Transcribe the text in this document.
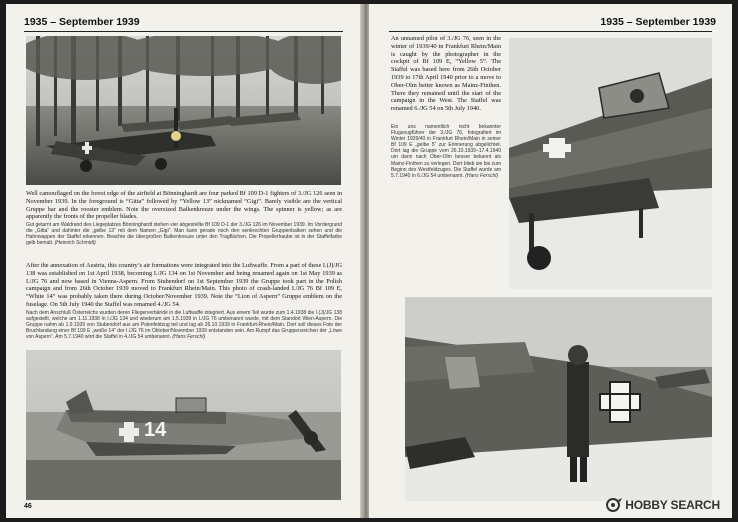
1935 – September 1939

Well camouflaged on the forest edge of the airfield at Bönninghardt are four parked Bf 109 D-1 fighters of 3./JG 126 seen in November 1939. In the foreground is “Gitta” followed by “Yellow 13” nicknamed “Gigi”. Barely visible are the vertical Gruppe bar and the rooster emblem. Note the oversized Balkenkreuze under the wings. The spinner is yellow; as are apparently the fronts of the propeller blades.

Gut getarnt am Waldrand des Liegeplatzes Bönninghardt stehen vier abgestellte Bf 109 D-1 der 3./JG 126 im November 1939. Im Vordergrund die „Gitta“ und dahinter die „gelbe 13“ mit dem Namen „Gigi“. Man kann gerade noch den senkrechten Gruppenbalken sehen und die Hahnwappen der Staffel erkennen. Beachte die übergroßen Balkenkreuze unter den Tragflächen. Die Propellerhaube ist in der Staffelfarbe gelb bemalt. (Heinrich Schmidt)

After the annexation of Austria, this country’s air formations were integrated into the Luftwaffe. From a part of these I.(J)/JG 138 was established on 1st April 1938, becoming I./JG 134 on 1st November and being renamed again on 1st May 1939 as I./JG 76 and now based in Vienna-Aspern. From Stubendorf on 1st September 1939 the Gruppe took part in the Polish campaign and from 26th October 1939 moved to Frankfurt Rhein/Main. This photo of crash-landed I./JG 76 Bf 109 E, “White 14” was probably taken there during October/November 1939. Note the “Lion of Aspern” Gruppe emblem on the fuselage. On 5th July 1940 the Staffel was renamed 4./JG 54.

Nach dem Anschluß Österreichs wurden deren Fliegerverbände in die Luftwaffe integriert. Aus einem Teil wurde zum 1.4.1938 die I.(J)/JG 138 aufgestellt, welche am 1.11.1938 in I./JG 134 und wiederum am 1.5.1939 in I./JG 76 umbenannt wurde, mit dem Standort Wien-Aspern. Die Gruppe nahm ab 1.9.1939 von Stubendorf aus am Polenfeldzug teil und lag ab 26.10.1939 in Frankfurt-Rhein/Main. Dort soll dieses Foto der Bruchlandung einer Bf 109 E „weiße 14“ der I./JG 76 im Oktober/November 1939 entstanden sein. Am Rumpf das Gruppenzeichen der „Löwe von Aspern“. Am 5.7.1940 wird die Staffel in 4./JG 54 umbenannt. (Hans Ferschl)

14
46
1935 – September 1939

An unnamed pilot of 3./JG 76, seen in the winter of 1939/40 in Frankfurt Rhein/Main is caught by the photographer in the cockpit of Bf 109 E, “Yellow 5”. The Staffel was based here from 26th October 1939 to 17th April 1940 prior to a move to Ober-Olm better known as Mainz-Finthen. There they remained until the start of the campaign in the West. The Staffel was renamed 6./JG 54 on 5th July 1940.

Ein uns namentlich nicht bekannter Flugzeugführer der 3./JG 76, fotografiert im Winter 1939/40 in Frankfurt Rhein/Main in seiner Bf 109 E „gelbe 5“ zur Erinnerung abgelichtet. Dort lag die Gruppe vom 26.10.1939–17.4.1940 um dann nach Ober-Olm besser bekannt als Mainz-Finthen zu verlegen. Dort blieb sie bis zum Beginn des Westfeldzuges. Die Staffel wurde am 5.7.1940 in 6./JG 54 umbenannt. (Hans Ferschl)

HOBBY SEARCH
